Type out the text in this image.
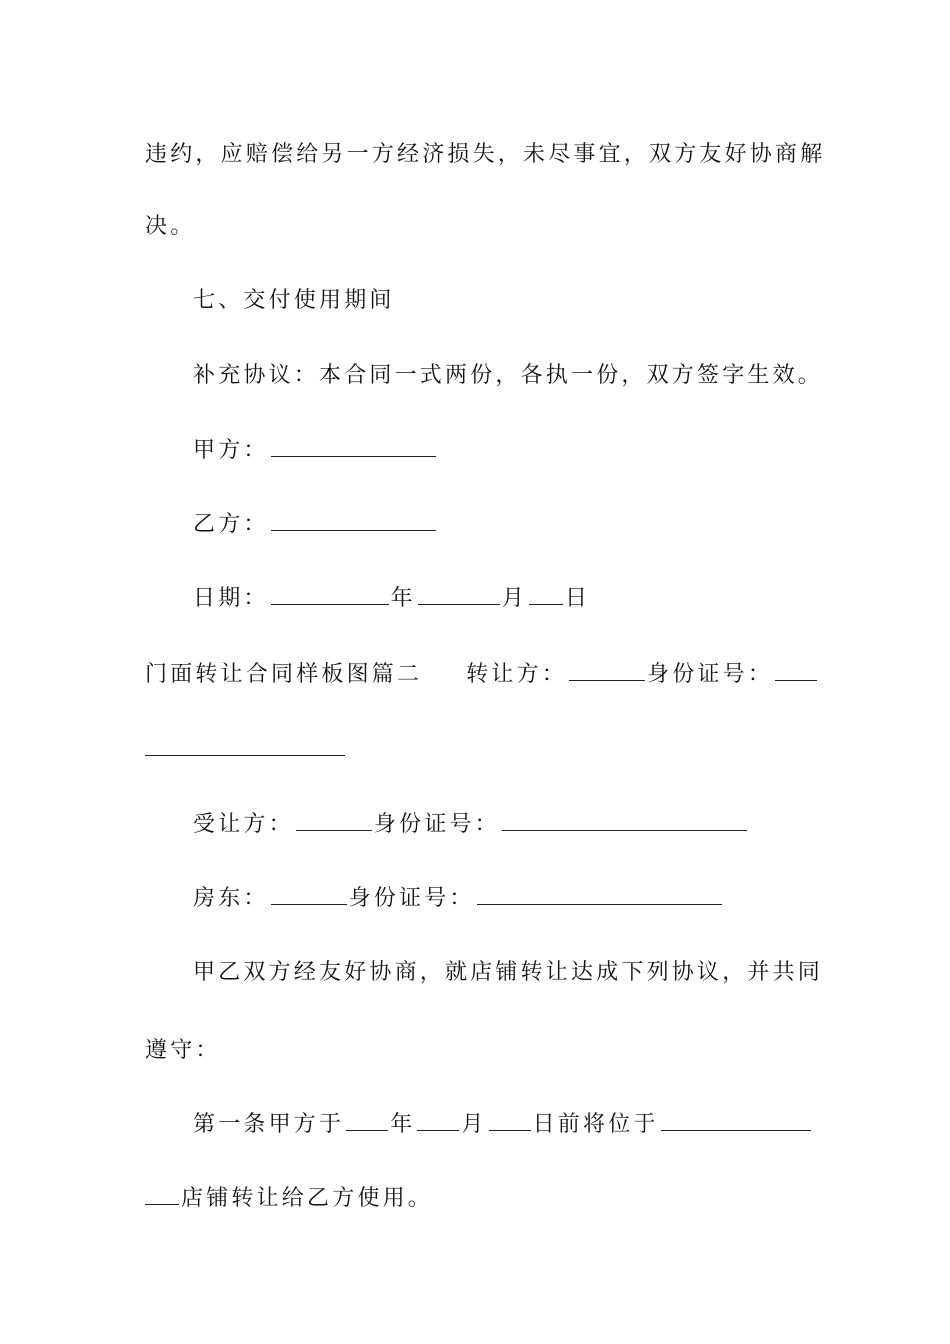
违约，应赔偿给另一方经济损失，未尽事宜，双方友好协商解
决。
七、交付使用期间
补充协议：本合同一式两份，各执一份，双方签字生效。
甲方：
乙方：
日期：	年	月 日
门面转让合同样板图篇二 转让方：	身份证号：
受让方：	身份证号：
房东：	身份证号：
甲乙双方经友好协商，就店铺转让达成下列协议，并共同
遵守：
第一条甲方于 年 月 日前将位于
店铺转让给乙方使用。
